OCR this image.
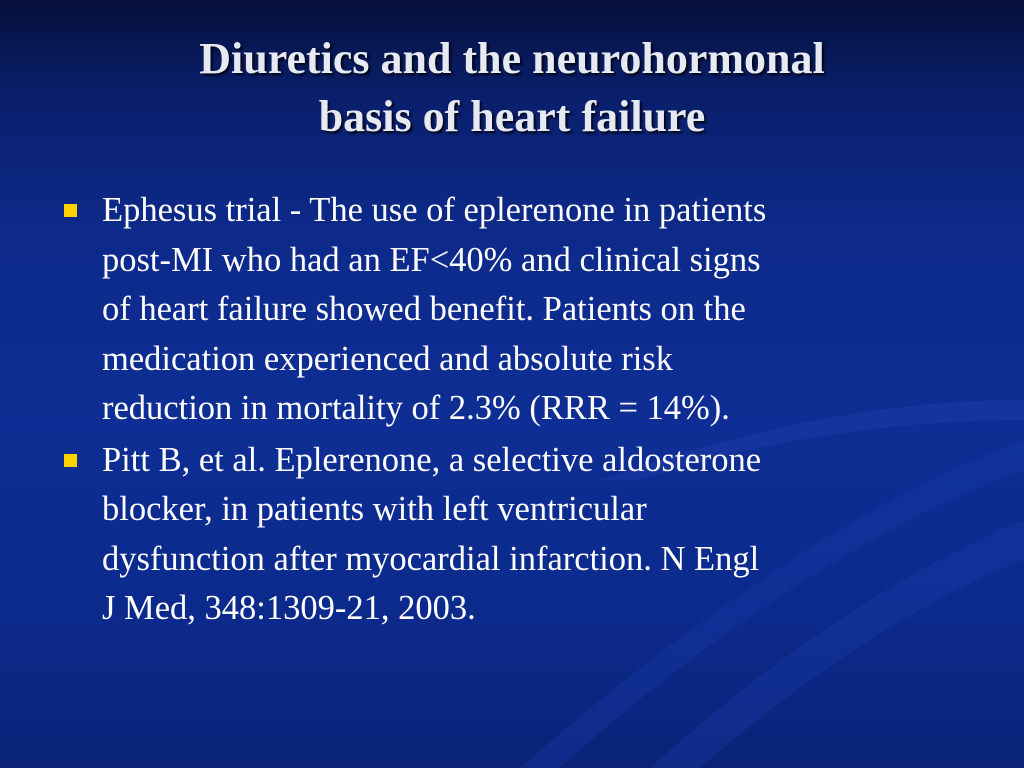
Diuretics and the neurohormonal
basis of heart failure
Ephesus trial - The use of eplerenone in patients
post-MI who had an EF<40% and clinical signs
of heart failure showed benefit. Patients on the
medication experienced and absolute risk
reduction in mortality of 2.3% (RRR = 14%).
Pitt B, et al. Eplerenone, a selective aldosterone
blocker, in patients with left ventricular
dysfunction after myocardial infarction. N Engl
J Med, 348:1309-21, 2003.
